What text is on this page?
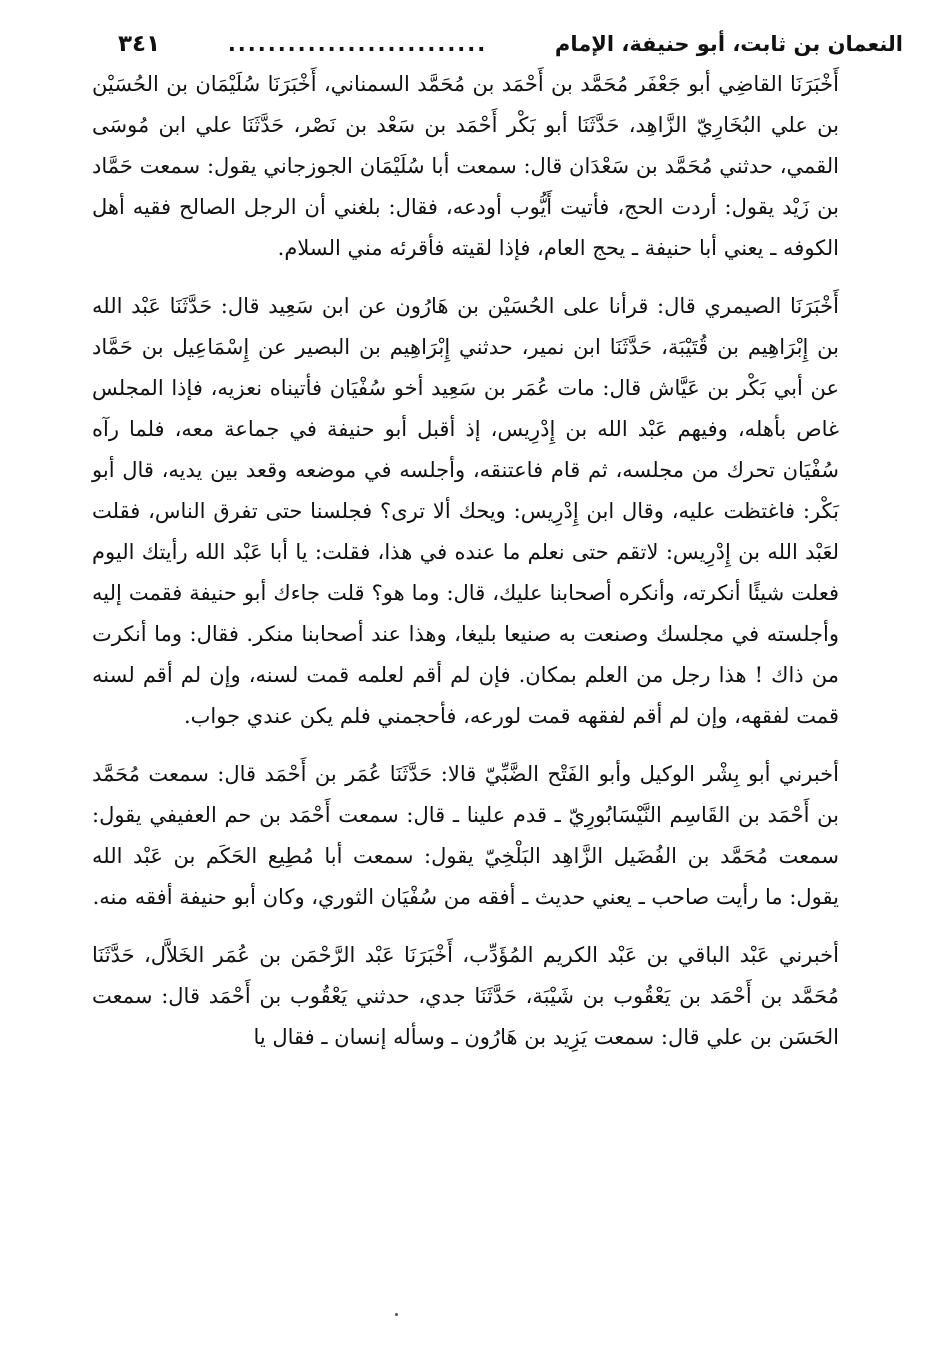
النعمان بن ثابت، أبو حنيفة، الإمام
..........................
٣٤١

أَخْبَرَنَا القاضِي أبو جَعْفَر مُحَمَّد بن أَحْمَد بن مُحَمَّد السمناني، أَخْبَرَنَا سُلَيْمَان بن الحُسَيْن بن علي البُخَارِيّ الزَّاهِد، حَدَّثَنَا أبو بَكْر أَحْمَد بن سَعْد بن نَصْر، حَدَّثَنَا علي ابن مُوسَى القمي، حدثني مُحَمَّد بن سَعْدَان قال: سمعت أبا سُلَيْمَان الجوزجاني يقول: سمعت حَمَّاد بن زَيْد يقول: أردت الحج، فأتيت أَيُّوب أودعه، فقال: بلغني أن الرجل الصالح فقيه أهل الكوفه ـ يعني أبا حنيفة ـ يحج العام، فإذا لقيته فأقرئه مني السلام.

أَخْبَرَنَا الصيمري قال: قرأنا على الحُسَيْن بن هَارُون عن ابن سَعِيد قال: حَدَّثَنَا عَبْد الله بن إِبْرَاهِيم بن قُتَيْبَة، حَدَّثَنَا ابن نمير، حدثني إِبْرَاهِيم بن البصير عن إِسْمَاعِيل بن حَمَّاد عن أبي بَكْر بن عَيَّاش قال: مات عُمَر بن سَعِيد أخو سُفْيَان فأتيناه نعزيه، فإذا المجلس غاص بأهله، وفيهم عَبْد الله بن إِدْرِيس، إذ أقبل أبو حنيفة في جماعة معه، فلما رآه سُفْيَان تحرك من مجلسه، ثم قام فاعتنقه، وأجلسه في موضعه وقعد بين يديه، قال أبو بَكْر: فاغتظت عليه، وقال ابن إِدْرِيس: ويحك ألا ترى؟ فجلسنا حتى تفرق الناس، فقلت لعَبْد الله بن إِدْرِيس: لاتقم حتى نعلم ما عنده في هذا، فقلت: يا أبا عَبْد الله رأيتك اليوم فعلت شيئًا أنكرته، وأنكره أصحابنا عليك، قال: وما هو؟ قلت جاءك أبو حنيفة فقمت إليه وأجلسته في مجلسك وصنعت به صنيعا بليغا، وهذا عند أصحابنا منكر. فقال: وما أنكرت من ذاك ! هذا رجل من العلم بمكان. فإن لم أقم لعلمه قمت لسنه، وإن لم أقم لسنه قمت لفقهه، وإن لم أقم لفقهه قمت لورعه، فأحجمني فلم يكن عندي جواب.

أخبرني أبو بِشْر الوكيل وأبو الفَتْح الضَّبِّيّ قالا: حَدَّثَنَا عُمَر بن أَحْمَد قال: سمعت مُحَمَّد بن أَحْمَد بن القَاسِم النَّيْسَابُورِيّ ـ قدم علينا ـ قال: سمعت أَحْمَد بن حم العفيفي يقول: سمعت مُحَمَّد بن الفُضَيل الزَّاهِد البَلْخِيّ يقول: سمعت أبا مُطِيع الحَكَم بن عَبْد الله يقول: ما رأيت صاحب ـ يعني حديث ـ أفقه من سُفْيَان الثوري، وكان أبو حنيفة أفقه منه.

أخبرني عَبْد الباقي بن عَبْد الكريم المُؤَدِّب، أَخْبَرَنَا عَبْد الرَّحْمَن بن عُمَر الخَلاَّل، حَدَّثَنَا مُحَمَّد بن أَحْمَد بن يَعْقُوب بن شَيْبَة، حَدَّثَنَا جدي، حدثني يَعْقُوب بن أَحْمَد قال: سمعت الحَسَن بن علي قال: سمعت يَزِيد بن هَارُون ـ وسأله إنسان ـ فقال يا
